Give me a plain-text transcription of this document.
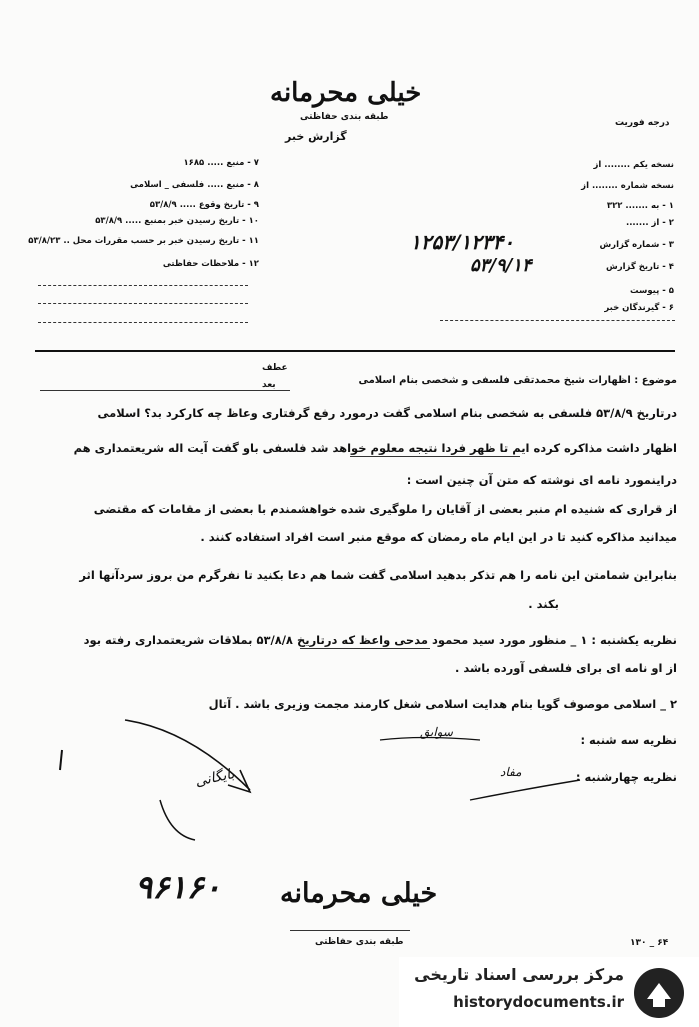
خیلی محرمانه
طبقه بندی حفاظتی
گزارش خبر
درجه فوریت
نسخه یکم ........ از
نسخه شماره ........ از
۱ - به ....... ۳۲۲
۲ - از .......
۳ - شماره گزارش
۴ - تاریخ گزارش
۵ - پیوست
۶ - گیرندگان خبر
۱۲۵۳/۱۲۳۴۰
۵۳/۹/۱۴
۷ - منبع ..... ۱۶۸۵
۸ - منبع ..... فلسفی _ اسلامی
۹ - تاریخ وقوع ..... ۵۳/۸/۹
۱۰ - تاریخ رسیدن خبر بمنبع ..... ۵۳/۸/۹
۱۱ - تاریخ رسیدن خبر بر حسب مقررات محل .. ۵۳/۸/۲۳
۱۲ - ملاحظات حفاظتی
عطف
بعد	موضوع : اظهارات شیخ محمدتقی فلسفی و شخصی بنام اسلامی
درتاریخ ۵۳/۸/۹ فلسفی به شخصی بنام اسلامی گفت درمورد رفع گرفتاری وعاظ چه کارکرد بد؟ اسلامی
اظهار داشت مذاکره کرده ایم تا ظهر فردا نتیجه معلوم خواهد شد فلسفی باو گفت آیت اله شریعتمداری هم
دراینمورد نامه ای نوشته که متن آن چنین است :
از قراری که شنیده ام منبر بعضی از آقایان را ملوگیری شده خواهشمندم با بعضی از مقامات که مقتضی
میدانید مذاکره کنید تا در این ایام ماه رمضان که موقع منبر است افراد استفاده کنند .
بنابراین شمامتن این نامه را هم تذکر بدهید اسلامی گفت شما هم دعا بکنید تا نفرگرم من بروز سردآنها اثر
بکند .
نظریه یکشنبه : ۱ _ منظور مورد سید محمود مدحی واعظ که درتاریخ ۵۳/۸/۸ بملاقات شریعتمداری رفته بود
از او نامه ای برای فلسفی آورده باشد .
۲ _ اسلامی موصوف گویا بنام هدایت اسلامی شغل کارمند مجمت وزیری باشد . آتال
نظریه سه شنبه :
نظریه چهارشنبه :
بایگانی
سوابق
مفاد
۹۶۱۶۰ خیلی محرمانه
طبقه بندی حفاظتی	۱۳۰ _ ۶۴
مرکز بررسی اسناد تاریخی
historydocuments.ir
